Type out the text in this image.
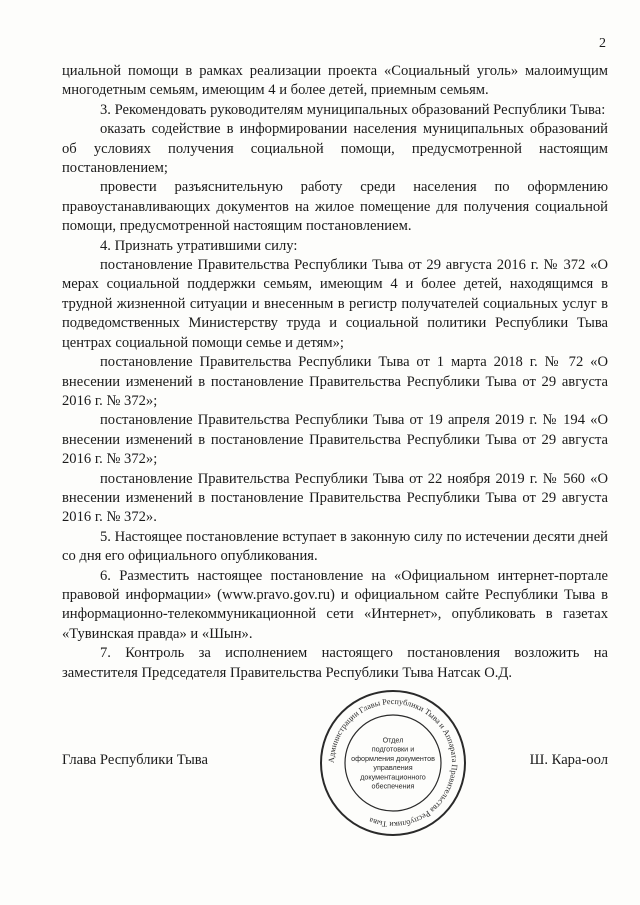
2

циальной помощи в рамках реализации проекта «Социальный уголь» малоимущим многодетным семьям, имеющим 4 и более детей, приемным семьям.

3. Рекомендовать руководителям муниципальных образований Республики Тыва:

оказать содействие в информировании населения муниципальных образований об условиях получения социальной помощи, предусмотренной настоящим постановлением;

провести разъяснительную работу среди населения по оформлению правоустанавливающих документов на жилое помещение для получения социальной помощи, предусмотренной настоящим постановлением.

4. Признать утратившими силу:

постановление Правительства Республики Тыва от 29 августа 2016 г. № 372 «О мерах социальной поддержки семьям, имеющим 4 и более детей, находящимся в трудной жизненной ситуации и внесенным в регистр получателей социальных услуг в подведомственных Министерству труда и социальной политики Республики Тыва центрах социальной помощи семье и детям»;

постановление Правительства Республики Тыва от 1 марта 2018 г. № 72 «О внесении изменений в постановление Правительства Республики Тыва от 29 августа 2016 г. № 372»;

постановление Правительства Республики Тыва от 19 апреля 2019 г. № 194 «О внесении изменений в постановление Правительства Республики Тыва от 29 августа 2016 г. № 372»;

постановление Правительства Республики Тыва от 22 ноября 2019 г. № 560 «О внесении изменений в постановление Правительства Республики Тыва от 29 августа 2016 г. № 372».

5. Настоящее постановление вступает в законную силу по истечении десяти дней со дня его официального опубликования.

6. Разместить настоящее постановление на «Официальном интернет-портале правовой информации» (www.pravo.gov.ru) и официальном сайте Республики Тыва в информационно-телекоммуникационной сети «Интернет», опубликовать в газетах «Тувинская правда» и «Шын».

7. Контроль за исполнением настоящего постановления возложить на заместителя Председателя Правительства Республики Тыва Натсак О.Д.

Глава Республики Тыва	Ш. Кара-оол
Администрации Главы Республики Тыва и Аппарата Правительства Республики Тыва
Отдел
подготовки и
оформления документов
управления
документационного
обеспечения
